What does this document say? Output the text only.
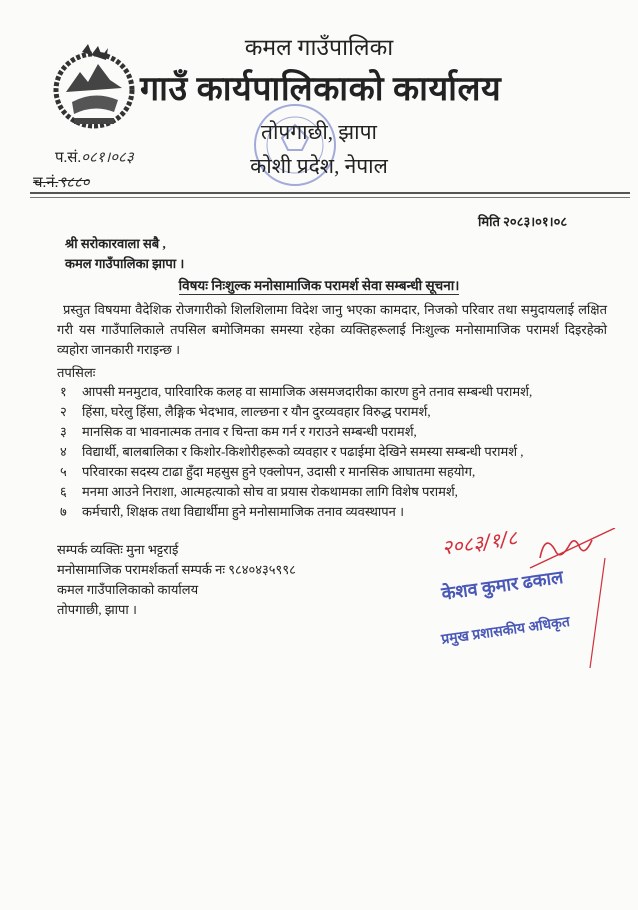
कमल गाउँपालिका
गाउँ कार्यपालिकाको कार्यालय
तोपगाछी, झापा
कोशी प्रदेश, नेपाल
प.सं.०८१।०८३
च.नं.९८८०
मिति २०८३।०१।०८
श्री सरोकारवाला सबै ,
कमल गाउँपालिका झापा ।
विषयः निःशुल्क मनोसामाजिक परामर्श सेवा सम्बन्धी सूचना।
प्रस्तुत विषयमा वैदेशिक रोजगारीको शिलशिलामा विदेश जानु भएका कामदार, निजको परिवार तथा समुदायलाई लक्षित गरी यस गाउँपालिकाले तपसिल बमोजिमका समस्या रहेका व्यक्तिहरूलाई निःशुल्क मनोसामाजिक परामर्श दिइरहेको व्यहोरा जानकारी गराइन्छ ।
तपसिलः
१ आपसी मनमुटाव, पारिवारिक कलह वा सामाजिक असमजदारीका कारण हुने तनाव सम्बन्धी परामर्श,
२ हिंसा, घरेलु हिंसा, लैङ्गिक भेदभाव, लाल्छना र यौन दुरव्यवहार विरुद्ध परामर्श,
३ मानसिक वा भावनात्मक तनाव र चिन्ता कम गर्न र गराउने सम्बन्धी परामर्श,
४ विद्यार्थी, बालबालिका र किशोर-किशोरीहरूको व्यवहार र पढाईमा देखिने समस्या सम्बन्धी परामर्श ,
५ परिवारका सदस्य टाढा हुँदा महसुस हुने एक्लोपन, उदासी र मानसिक आघातमा सहयोग,
६ मनमा आउने निराशा, आत्महत्याको सोच वा प्रयास रोकथामका लागि विशेष परामर्श,
७ कर्मचारी, शिक्षक तथा विद्यार्थीमा हुने मनोसामाजिक तनाव व्यवस्थापन ।
सम्पर्क व्यक्तिः मुना भट्टराई
मनोसामाजिक परामर्शकर्ता सम्पर्क नः ९८४०४३५९९८
कमल गाउँपालिकाको कार्यालय
तोपगाछी, झापा ।
२०८३/१/८
केशव कुमार ढकाल
प्रमुख प्रशासकीय अधिकृत
